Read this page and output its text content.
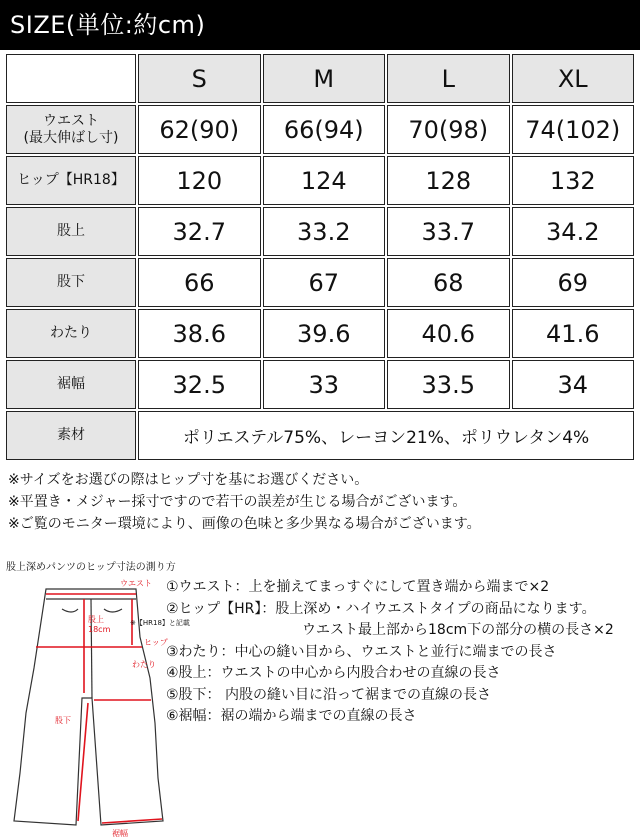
SIZE(単位:約cm)
	S	M	L	XL
ウエスト
(最大伸ばし寸)	62(90)	66(94)	70(98)	74(102)
ヒップ【HR18】	120	124	128	132
股上	32.7	33.2	33.7	34.2
股下	66	67	68	69
わたり	38.6	39.6	40.6	41.6
裾幅	32.5	33	33.5	34
素材	ポリエステル75%、レーヨン21%、ポリウレタン4%			
※サイズをお選びの際はヒップ寸を基にお選びください。
※平置き・メジャー採寸ですので若干の誤差が生じる場合がございます。
※ご覧のモニター環境により、画像の色味と多少異なる場合がございます。
股上深めパンツのヒップ寸法の測り方
ウエスト
股上
18cm
ヒップ
わたり
股下
裾幅
※【HR18】と記載
①ウエスト：上を揃えてまっすぐにして置き端から端まで×2
②ヒップ【HR】：股上深め・ハイウエストタイプの商品になります。
ウエスト最上部から18cm下の部分の横の長さ×2
③わたり：中心の縫い目から、ウエストと並行に端までの長さ
④股上：ウエストの中心から内股合わせの直線の長さ
⑤股下： 内股の縫い目に沿って裾までの直線の長さ
⑥裾幅：裾の端から端までの直線の長さ
